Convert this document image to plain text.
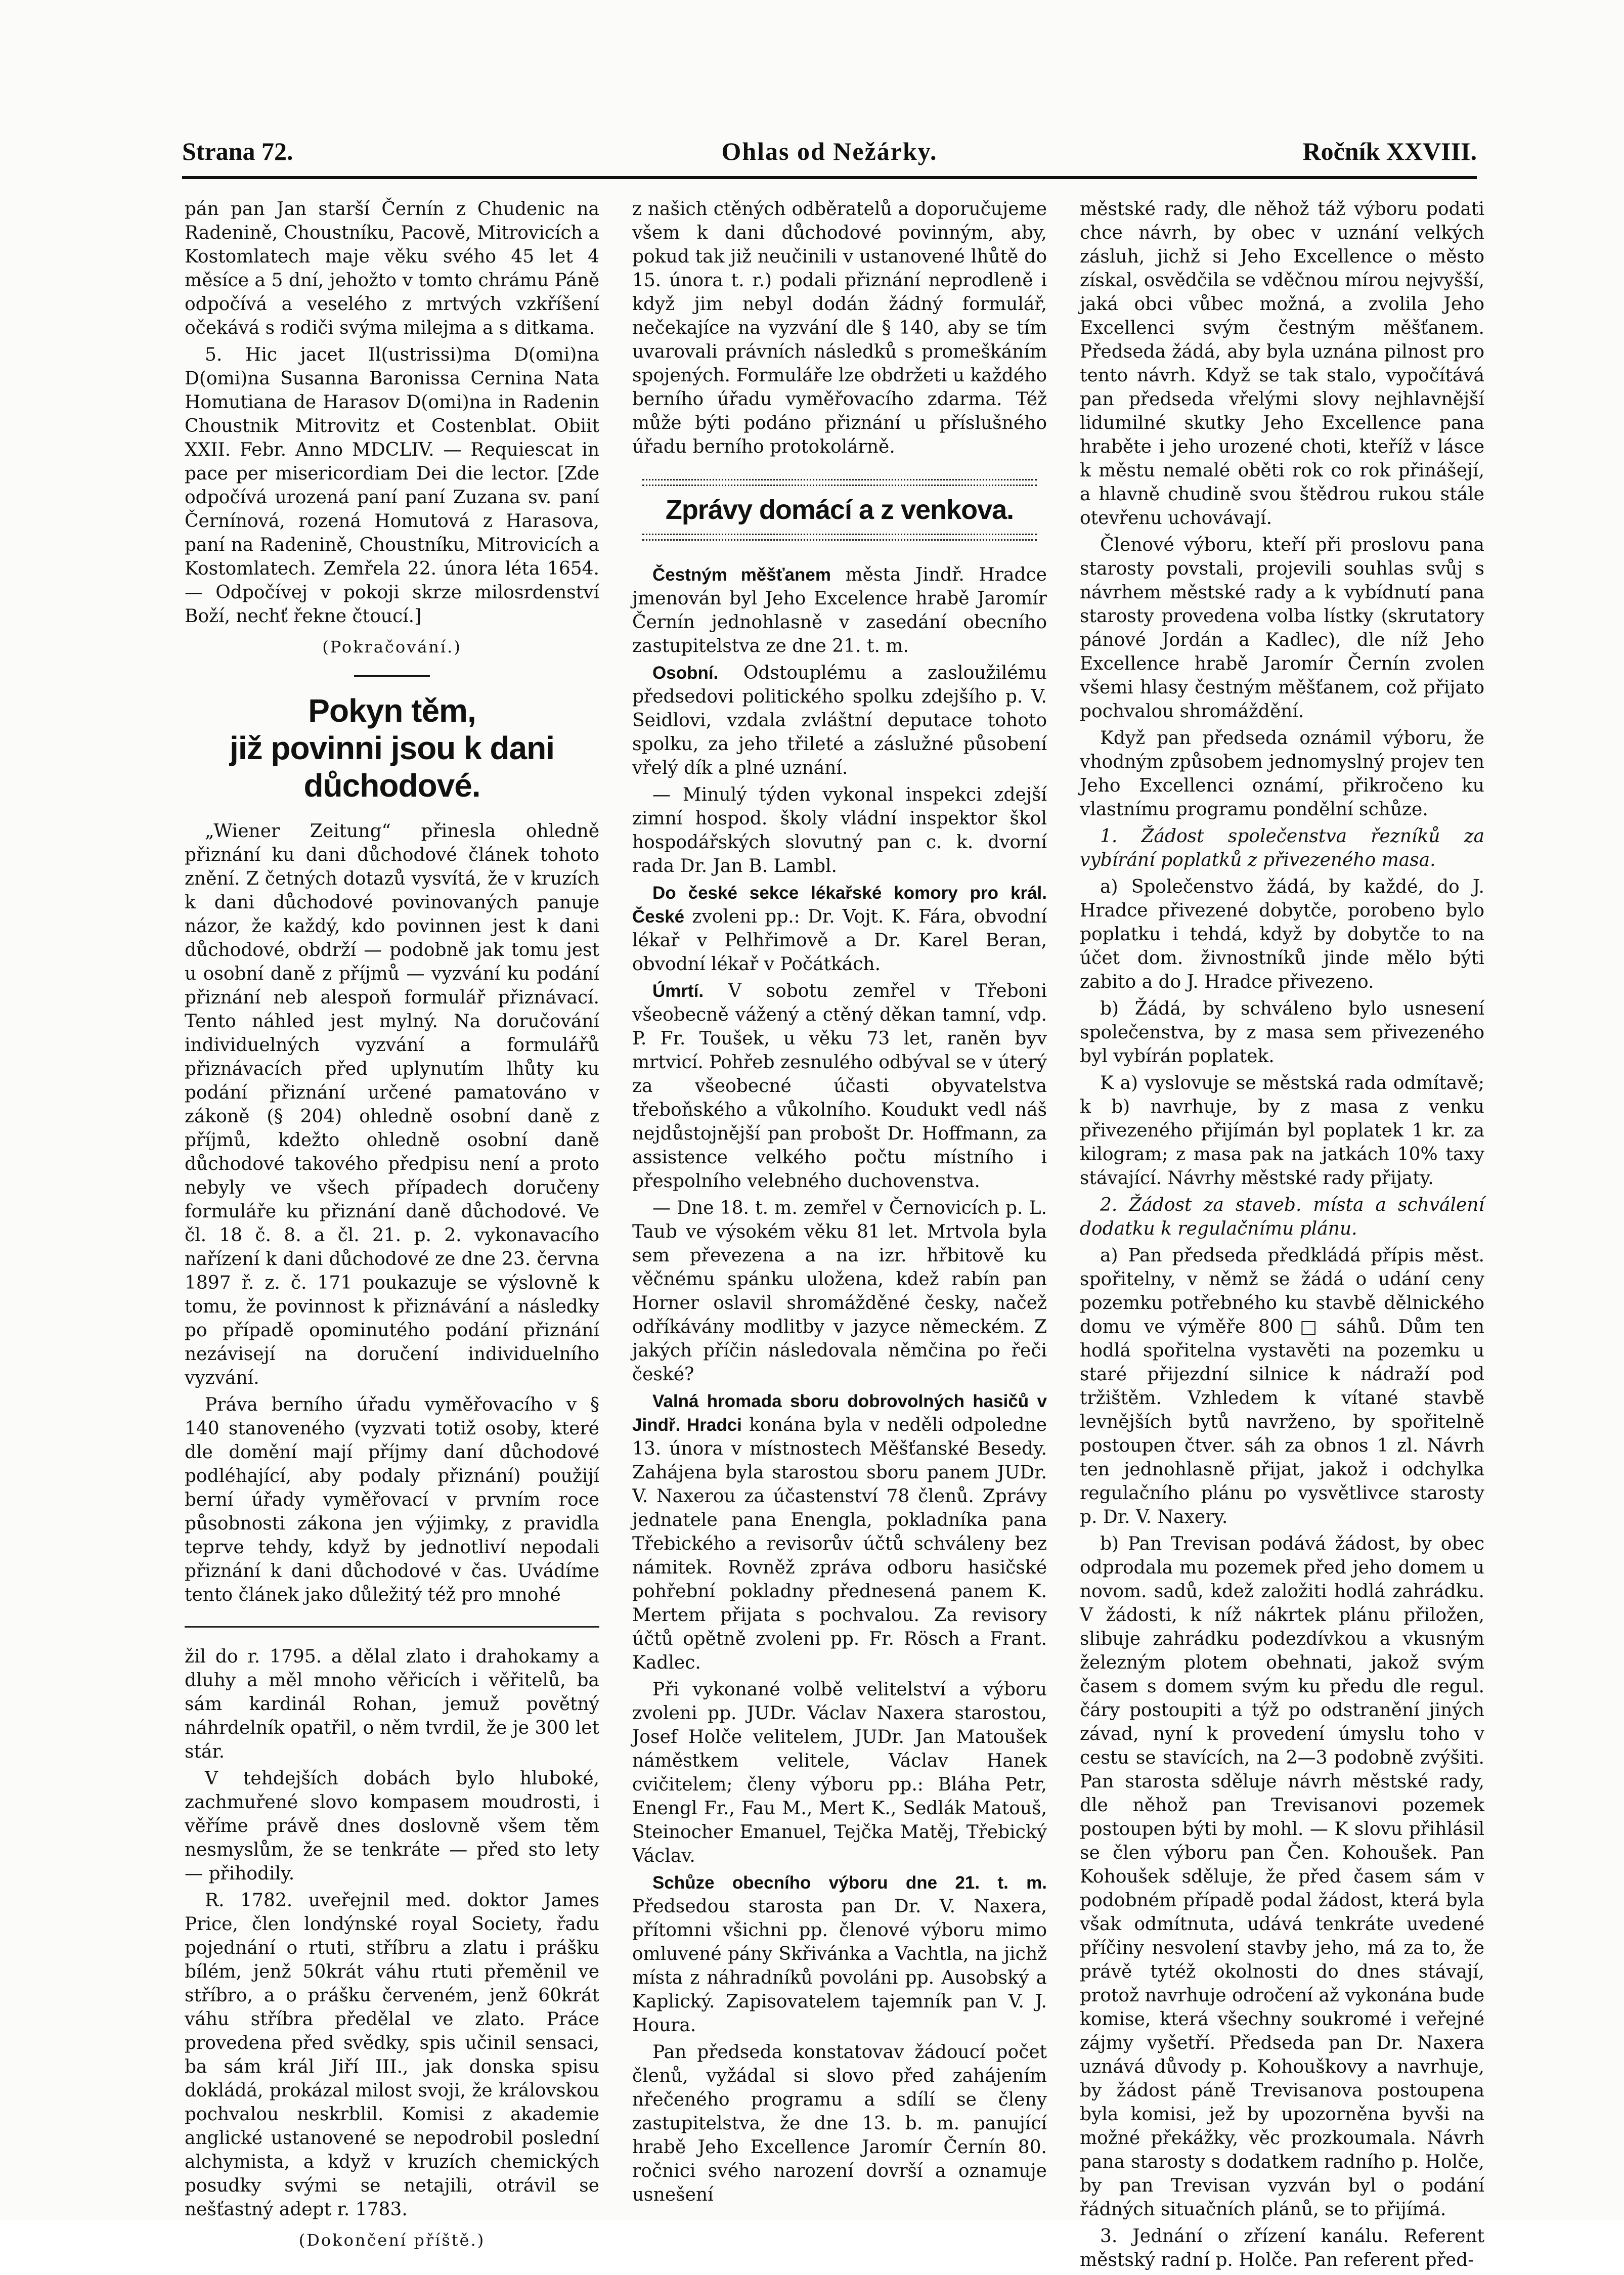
Strana 72.	Ohlas od Nežárky.	Ročník XXVIII.

pán pan Jan starší Černín z Chudenic na Radenině, Choustníku, Pacově, Mitrovicích a Kostomlatech maje věku svého 45 let 4 měsíce a 5 dní, jehožto v tomto chrámu Páně odpočívá a veselého z mrtvých vzkříšení očekává s rodiči svýma milejma a s ditkama.

5. Hic jacet Il(ustrissi)ma D(omi)na D(omi)na Susanna Baronissa Cernina Nata Homutiana de Harasov D(omi)na in Radenin Choustnik Mitrovitz et Costenblat. Obiit XXII. Febr. Anno MDCLIV. — Requiescat in pace per misericordiam Dei die lector. [Zde odpočívá urozená paní paní Zuzana sv. paní Černínová, rozená Homutová z Harasova, paní na Radenině, Choustníku, Mitrovicích a Kostomlatech. Zemřela 22. února léta 1654. — Odpočívej v pokoji skrze milosrdenství Boží, nechť řekne čtoucí.]

(Pokračování.)

Pokyn těm,
již povinni jsou k dani důchodové.

„Wiener Zeitung“ přinesla ohledně přiznání ku dani důchodové článek tohoto znění. Z četných dotazů vysvítá, že v kruzích k dani důchodové povinovaných panuje názor, že každý, kdo povinnen jest k dani důchodové, obdrží — podobně jak tomu jest u osobní daně z příjmů — vyzvání ku podání přiznání neb alespoň formulář přiznávací. Tento náhled jest mylný. Na doručování individuelných vyzvání a formulářů přiznávacích před uplynutím lhůty ku podání přiznání určené pamatováno v zákoně (§ 204) ohledně osobní daně z příjmů, kdežto ohledně osobní daně důchodové takového předpisu není a proto nebyly ve všech případech doručeny formuláře ku přiznání daně důchodové. Ve čl. 18 č. 8. a čl. 21. p. 2. vykonavacího nařízení k dani důchodové ze dne 23. června 1897 ř. z. č. 171 poukazuje se výslovně k tomu, že povinnost k přiznávání a následky po případě opominutého podání přiznání nezávisejí na doručení individuelního vyzvání.

Práva berního úřadu vyměřovacího v § 140 stanoveného (vyzvati totiž osoby, které dle domění mají příjmy daní důchodové podléhající, aby podaly přiznání) použijí berní úřady vyměřovací v prvním roce působnosti zákona jen výjimky, z pravidla teprve tehdy, když by jednotliví nepodali přiznání k dani důchodové v čas. Uvádíme tento článek jako důležitý též pro mnohé

žil do r. 1795. a dělal zlato i drahokamy a dluhy a měl mnoho věřicích i věřitelů, ba sám kardinál Rohan, jemuž povětný náhrdelník opatřil, o něm tvrdil, že je 300 let stár.

V tehdejších dobách bylo hluboké, zachmuřené slovo kompasem moudrosti, i věříme právě dnes doslovně všem těm nesmyslům, že se tenkráte — před sto lety — přihodily.

R. 1782. uveřejnil med. doktor James Price, člen londýnské royal Society, řadu pojednání o rtuti, stříbru a zlatu i prášku bílém, jenž 50krát váhu rtuti přeměnil ve stříbro, a o prášku červeném, jenž 60krát váhu stříbra předělal ve zlato. Práce provedena před svědky, spis učinil sensaci, ba sám král Jiří III., jak donska spisu dokládá, prokázal milost svoji, že královskou pochvalou neskrblil. Komisi z akademie anglické ustanovené se nepodrobil poslední alchymista, a když v kruzích chemických posudky svými se netajili, otrávil se nešťastný adept r. 1783.

(Dokončení příště.)

z našich ctěných odběratelů a doporučujeme všem k dani důchodové povinným, aby, pokud tak již neučinili v ustanovené lhůtě do 15. února t. r.) podali přiznání neprodleně i když jim nebyl dodán žádný formulář, nečekajíce na vyzvání dle § 140, aby se tím uvarovali právních následků s promeškáním spojených. Formuláře lze obdržeti u každého berního úřadu vyměřovacího zdarma. Též může býti podáno přiznání u příslušného úřadu berního protokolárně.

Zprávy domácí a z venkova.

Čestným měšťanem města Jindř. Hradce jmenován byl Jeho Excelence hrabě Jaromír Černín jednohlasně v zasedání obecního zastupitelstva ze dne 21. t. m.

Osobní. Odstouplému a zasloužilému předsedovi politického spolku zdejšího p. V. Seidlovi, vzdala zvláštní deputace tohoto spolku, za jeho třileté a záslužné působení vřelý dík a plné uznání.

— Minulý týden vykonal inspekci zdejší zimní hospod. školy vládní inspektor škol hospodářských slovutný pan c. k. dvorní rada Dr. Jan B. Lambl.

Do české sekce lékařské komory pro král. České zvoleni pp.: Dr. Vojt. K. Fára, obvodní lékař v Pelhřimově a Dr. Karel Beran, obvodní lékař v Počátkách.

Úmrtí. V sobotu zemřel v Třeboni všeobecně vážený a ctěný děkan tamní, vdp. P. Fr. Toušek, u věku 73 let, raněn byv mrtvicí. Pohřeb zesnulého odbýval se v úterý za všeobecné účasti obyvatelstva třeboňského a vůkolního. Koudukt vedl náš nejdůstojnější pan probošt Dr. Hoffmann, za assistence velkého počtu místního i přespolního velebného duchovenstva.

— Dne 18. t. m. zemřel v Černovicích p. L. Taub ve výsokém věku 81 let. Mrtvola byla sem převezena a na izr. hřbitově ku věčnému spánku uložena, kdež rabín pan Horner oslavil shromážděné česky, načež odříkávány modlitby v jazyce německém. Z jakých příčin následovala němčina po řeči české?

Valná hromada sboru dobrovolných hasičů v Jindř. Hradci konána byla v neděli odpoledne 13. února v místnostech Měšťanské Besedy. Zahájena byla starostou sboru panem JUDr. V. Naxerou za účastenství 78 členů. Zprávy jednatele pana Enengla, pokladníka pana Třebického a revisorův účtů schváleny bez námitek. Rovněž zpráva odboru hasičské pohřební pokladny přednesená panem K. Mertem přijata s pochvalou. Za revisory účtů opětně zvoleni pp. Fr. Rösch a Frant. Kadlec.

Při vykonané volbě velitelství a výboru zvoleni pp. JUDr. Václav Naxera starostou, Josef Holče velitelem, JUDr. Jan Matoušek náměstkem velitele, Václav Hanek cvičitelem; členy výboru pp.: Bláha Petr, Enengl Fr., Fau M., Mert K., Sedlák Matouš, Steinocher Emanuel, Tejčka Matěj, Třebický Václav.

Schůze obecního výboru dne 21. t. m. Předsedou starosta pan Dr. V. Naxera, přítomni všichni pp. členové výboru mimo omluvené pány Skřivánka a Vachtla, na jichž místa z náhradníků povoláni pp. Ausobský a Kaplický. Zapisovatelem tajemník pan V. J. Houra.

Pan předseda konstatovav žádoucí počet členů, vyžádal si slovo před zahájením nřečeného programu a sdílí se členy zastupitelstva, že dne 13. b. m. panující hrabě Jeho Excellence Jaromír Černín 80. ročnici svého narození dovrší a oznamuje usnešení

městské rady, dle něhož táž výboru podati chce návrh, by obec v uznání velkých zásluh, jichž si Jeho Excellence o město získal, osvědčila se vděčnou mírou nejvyšší, jaká obci vůbec možná, a zvolila Jeho Excellenci svým čestným měšťanem. Předseda žádá, aby byla uznána pilnost pro tento návrh. Když se tak stalo, vypočítává pan předseda vřelými slovy nejhlavnější lidumilné skutky Jeho Excellence pana hraběte i jeho urozené choti, kteříž v lásce k městu nemalé oběti rok co rok přinášejí, a hlavně chudině svou štědrou rukou stále otevřenu uchovávají.

Členové výboru, kteří při proslovu pana starosty povstali, projevili souhlas svůj s návrhem městské rady a k vybídnutí pana starosty provedena volba lístky (skrutatory pánové Jordán a Kadlec), dle níž Jeho Excellence hrabě Jaromír Černín zvolen všemi hlasy čestným měšťanem, což přijato pochvalou shromáždění.

Když pan předseda oznámil výboru, že vhodným způsobem jednomyslný projev ten Jeho Excellenci oznámí, přikročeno ku vlastnímu programu pondělní schůze.

1. Žádost společenstva řezníků za vybírání poplatků z přivezeného masa.

a) Společenstvo žádá, by každé, do J. Hradce přivezené dobytče, porobeno bylo poplatku i tehdá, když by dobytče to na účet dom. živnostníků jinde mělo býti zabito a do J. Hradce přivezeno.

b) Žádá, by schváleno bylo usnesení společenstva, by z masa sem přivezeného byl vybírán poplatek.

K a) vyslovuje se městská rada odmítavě; k b) navrhuje, by z masa z venku přivezeného přijímán byl poplatek 1 kr. za kilogram; z masa pak na jatkách 10% taxy stávající. Návrhy městské rady přijaty.

2. Žádost za staveb. místa a schválení dodatku k regulačnímu plánu.

a) Pan předseda předkládá přípis měst. spořitelny, v němž se žádá o udání ceny pozemku potřebného ku stavbě dělnického domu ve výměře 800□ sáhů. Dům ten hodlá spořitelna vystavěti na pozemku u staré přijezdní silnice k nádraží pod tržištěm. Vzhledem k vítané stavbě levnějších bytů navrženo, by spořitelně postoupen čtver. sáh za obnos 1 zl. Návrh ten jednohlasně přijat, jakož i odchylka regulačního plánu po vysvětlivce starosty p. Dr. V. Naxery.

b) Pan Trevisan podává žádost, by obec odprodala mu pozemek před jeho domem u novom. sadů, kdež založiti hodlá zahrádku. V žádosti, k níž nákrtek plánu přiložen, slibuje zahrádku podezdívkou a vkusným železným plotem obehnati, jakož svým časem s domem svým ku předu dle regul. čáry postoupiti a týž po odstranění jiných závad, nyní k provedení úmyslu toho v cestu se stavících, na 2—3 podobně zvýšiti. Pan starosta sděluje návrh městské rady, dle něhož pan Trevisanovi pozemek postoupen býti by mohl. — K slovu přihlásil se člen výboru pan Čen. Kohoušek. Pan Kohoušek sděluje, že před časem sám v podobném případě podal žádost, která byla však odmítnuta, udává tenkráte uvedené příčiny nesvolení stavby jeho, má za to, že právě tytéž okolnosti do dnes stávají, protož navrhuje odročení až vykonána bude komise, která všechny soukromé i veřejné zájmy vyšetří. Předseda pan Dr. Naxera uznává důvody p. Kohouškovy a navrhuje, by žádost páně Trevisanova postoupena byla komisi, jež by upozorněna byvši na možné překážky, věc prozkoumala. Návrh pana starosty s dodatkem radního p. Holče, by pan Trevisan vyzván byl o podání řádných situačních plánů, se to přijímá.

3. Jednání o zřízení kanálu. Referent městský radní p. Holče. Pan referent před-
